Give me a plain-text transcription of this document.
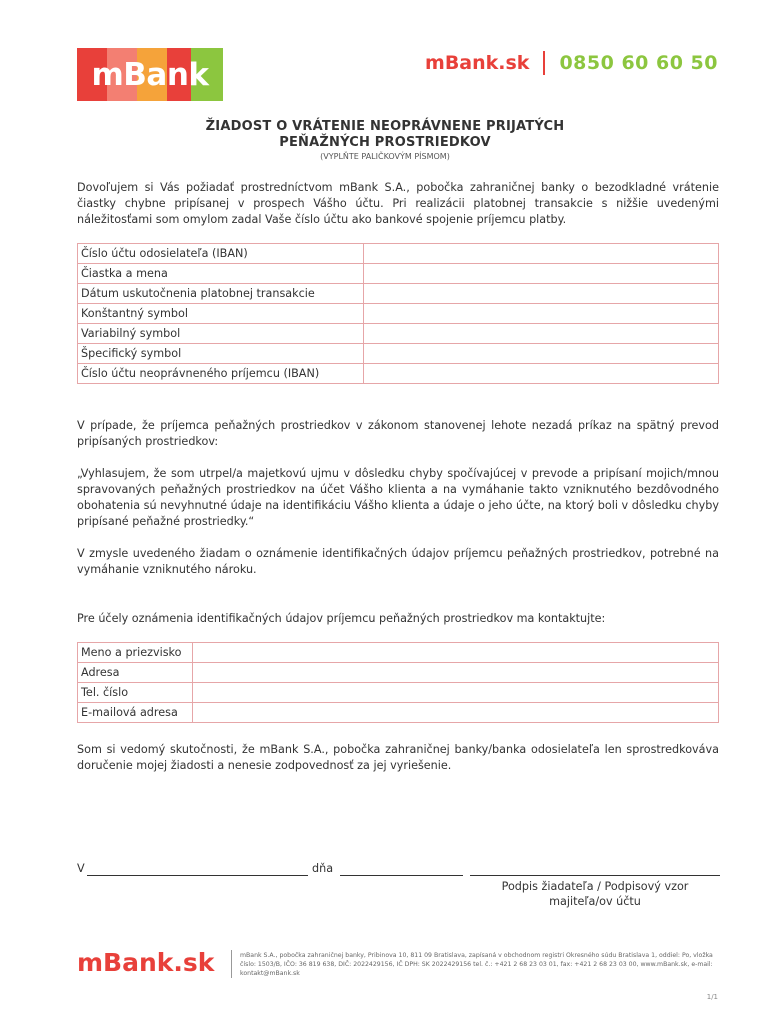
mBank	mBank.sk 0850 60 60 50
ŽIADOST O VRÁTENIE NEOPRÁVNENE PRIJATÝCH
PEŇAŽNÝCH PROSTRIEDKOV
(VYPLŇTE PALIČKOVÝM PÍSMOM)
Dovoľujem si Vás požiadať prostredníctvom mBank S.A., pobočka zahraničnej banky o bezodkladné vrátenie čiastky chybne pripísanej v prospech Vášho účtu. Pri realizácii platobnej transakcie s nižšie uvedenými náležitosťami som omylom zadal Vaše číslo účtu ako bankové spojenie príjemcu platby.
Číslo účtu odosielateľa (IBAN)	
Čiastka a mena	
Dátum uskutočnenia platobnej transakcie	
Konštantný symbol	
Variabilný symbol	
Špecifický symbol	
Číslo účtu neoprávneného príjemcu (IBAN)	
V prípade, že príjemca peňažných prostriedkov v zákonom stanovenej lehote nezadá príkaz na spätný prevod pripísaných prostriedkov:
„Vyhlasujem, že som utrpel/a majetkovú ujmu v dôsledku chyby spočívajúcej v prevode a pripísaní mojich/mnou spravovaných peňažných prostriedkov na účet Vášho klienta a na vymáhanie takto vzniknutého bezdôvodného obohatenia sú nevyhnutné údaje na identifikáciu Vášho klienta a údaje o jeho účte, na ktorý boli v dôsledku chyby pripísané peňažné prostriedky.“
V zmysle uvedeného žiadam o oznámenie identifikačných údajov príjemcu peňažných prostriedkov, potrebné na vymáhanie vzniknutého nároku.
Pre účely oznámenia identifikačných údajov príjemcu peňažných prostriedkov ma kontaktujte:
Meno a priezvisko	
Adresa	
Tel. číslo	
E-mailová adresa	
Som si vedomý skutočnosti, že mBank S.A., pobočka zahraničnej banky/banka odosielateľa len sprostredkováva doručenie mojej žiadosti a nenesie zodpovednosť za jej vyriešenie.
V	dňa
Podpis žiadateľa / Podpisový vzor majiteľa/ov účtu
mBank.sk	mBank S.A., pobočka zahraničnej banky, Pribinova 10, 811 09 Bratislava, zapísaná v obchodnom registri Okresného súdu Bratislava 1, oddiel: Po, vložka číslo: 1503/B, IČO: 36 819 638, DIČ: 2022429156, IČ DPH: SK 2022429156 tel. č.: +421 2 68 23 03 01, fax: +421 2 68 23 03 00, www.mBank.sk, e-mail: kontakt@mBank.sk
1/1
